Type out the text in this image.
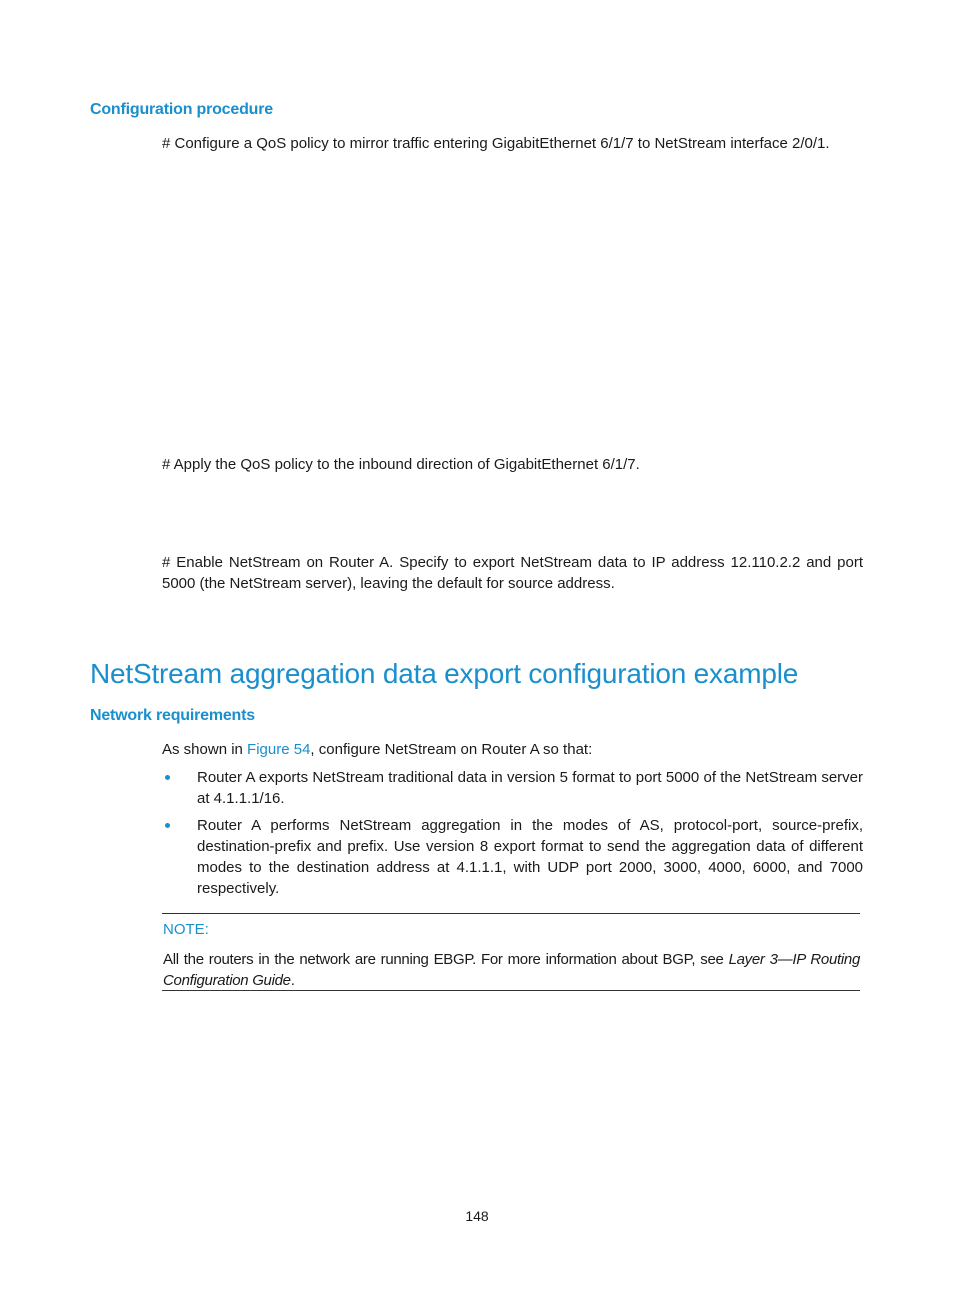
Configuration procedure
# Configure a QoS policy to mirror traffic entering GigabitEthernet 6/1/7 to NetStream interface 2/0/1.
# Apply the QoS policy to the inbound direction of GigabitEthernet 6/1/7.
# Enable NetStream on Router A. Specify to export NetStream data to IP address 12.110.2.2 and port 5000 (the NetStream server), leaving the default for source address.
NetStream aggregation data export configuration example
Network requirements
As shown in Figure 54, configure NetStream on Router A so that:
Router A exports NetStream traditional data in version 5 format to port 5000 of the NetStream server at 4.1.1.1/16.
Router A performs NetStream aggregation in the modes of AS, protocol-port, source-prefix, destination-prefix and prefix. Use version 8 export format to send the aggregation data of different modes to the destination address at 4.1.1.1, with UDP port 2000, 3000, 4000, 6000, and 7000 respectively.
NOTE:
All the routers in the network are running EBGP. For more information about BGP, see Layer 3—IP Routing Configuration Guide.
148
